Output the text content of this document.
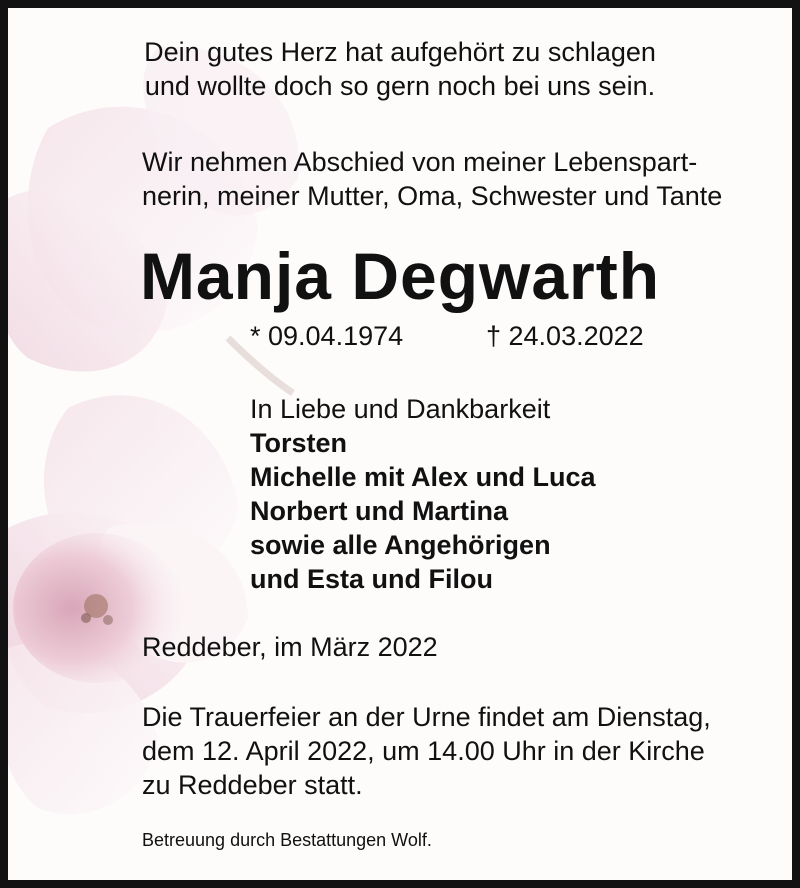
Dein gutes Herz hat aufgehört zu schlagen
und wollte doch so gern noch bei uns sein.
Wir nehmen Abschied von meiner Lebenspart-
nerin, meiner Mutter, Oma, Schwester und Tante
Manja Degwarth
* 09.04.1974	† 24.03.2022
In Liebe und Dankbarkeit
Torsten
Michelle mit Alex und Luca
Norbert und Martina
sowie alle Angehörigen
und Esta und Filou
Reddeber, im März 2022
Die Trauerfeier an der Urne findet am Dienstag,
dem 12. April 2022, um 14.00 Uhr in der Kirche
zu Reddeber statt.
Betreuung durch Bestattungen Wolf.
